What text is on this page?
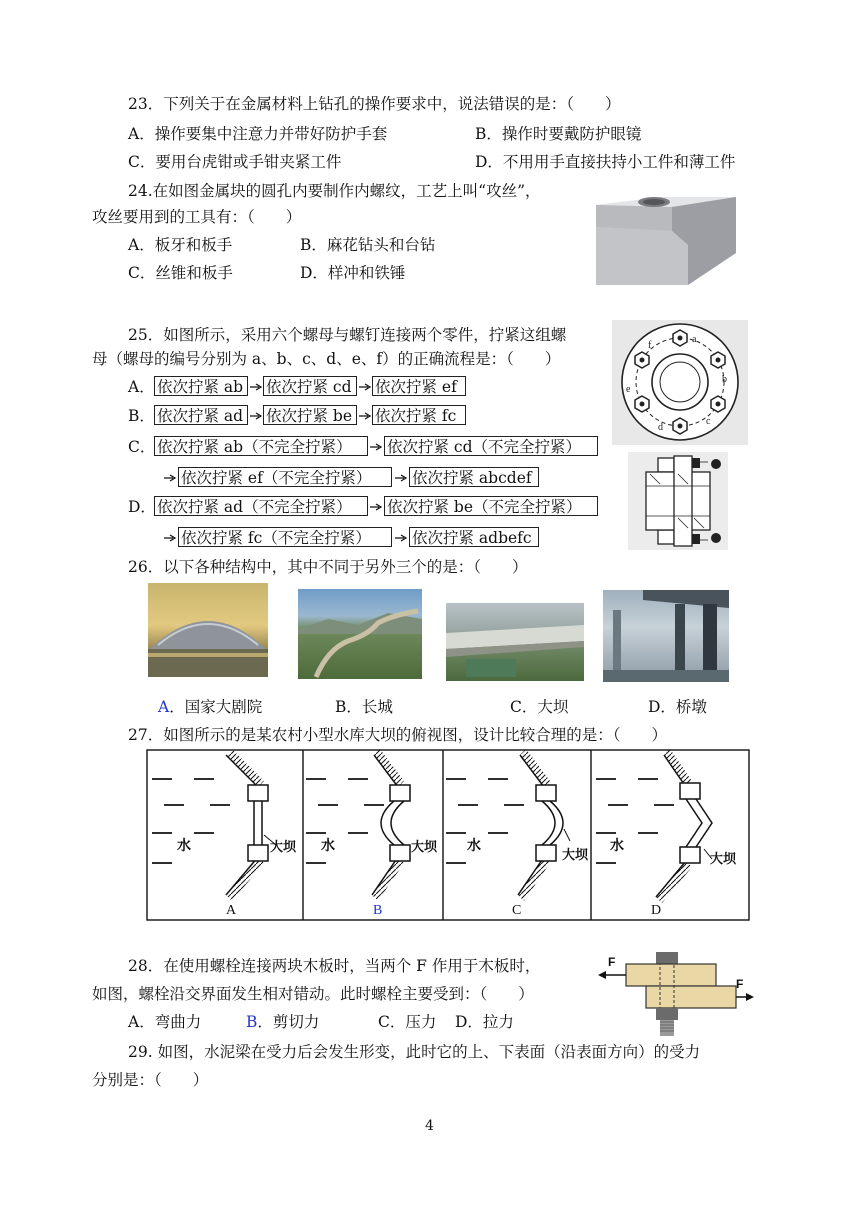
23．下列关于在金属材料上钻孔的操作要求中，说法错误的是：（　　）
A．操作要集中注意力并带好防护手套	B．操作时要戴防护眼镜
C．要用台虎钳或手钳夹紧工件	D．不用用手直接扶持小工件和薄工件
24.在如图金属块的圆孔内要制作内螺纹，工艺上叫“攻丝”，
攻丝要用到的工具有：（　　）
A．板牙和板手	B．麻花钻头和台钻
C．丝锥和板手	D．样冲和铁锤
25．如图所示，采用六个螺母与螺钉连接两个零件，拧紧这组螺
母（螺母的编号分别为 a、b、c、d、e、f）的正确流程是：（　　）
A． 依次拧紧 ab	依次拧紧 cd	依次拧紧 ef
B． 依次拧紧 ad	依次拧紧 be	依次拧紧 fc
C． 依次拧紧 ab（不完全拧紧）	依次拧紧 cd（不完全拧紧）
依次拧紧 ef（不完全拧紧）	依次拧紧 abcdef
D． 依次拧紧 ad（不完全拧紧）	依次拧紧 be（不完全拧紧）
依次拧紧 fc（不完全拧紧）	依次拧紧 adbefc
a
b
c
d
e
f
26．以下各种结构中，其中不同于另外三个的是：（　　）
A．国家大剧院	B．长城	C．大坝	D．桥墩
27．如图所示的是某农村小型水库大坝的俯视图，设计比较合理的是：（　　）
水	大坝 水	大坝 水
大坝
水
大坝
A	B	C	D
28．在使用螺栓连接两块木板时，当两个 F 作用于木板时，
如图，螺栓沿交界面发生相对错动。此时螺栓主要受到：（　　）
A．弯曲力	B．剪切力	C．压力 D．拉力
F
F
29. 如图，水泥梁在受力后会发生形变，此时它的上、下表面（沿表面方向）的受力
分别是：（　　）
4
